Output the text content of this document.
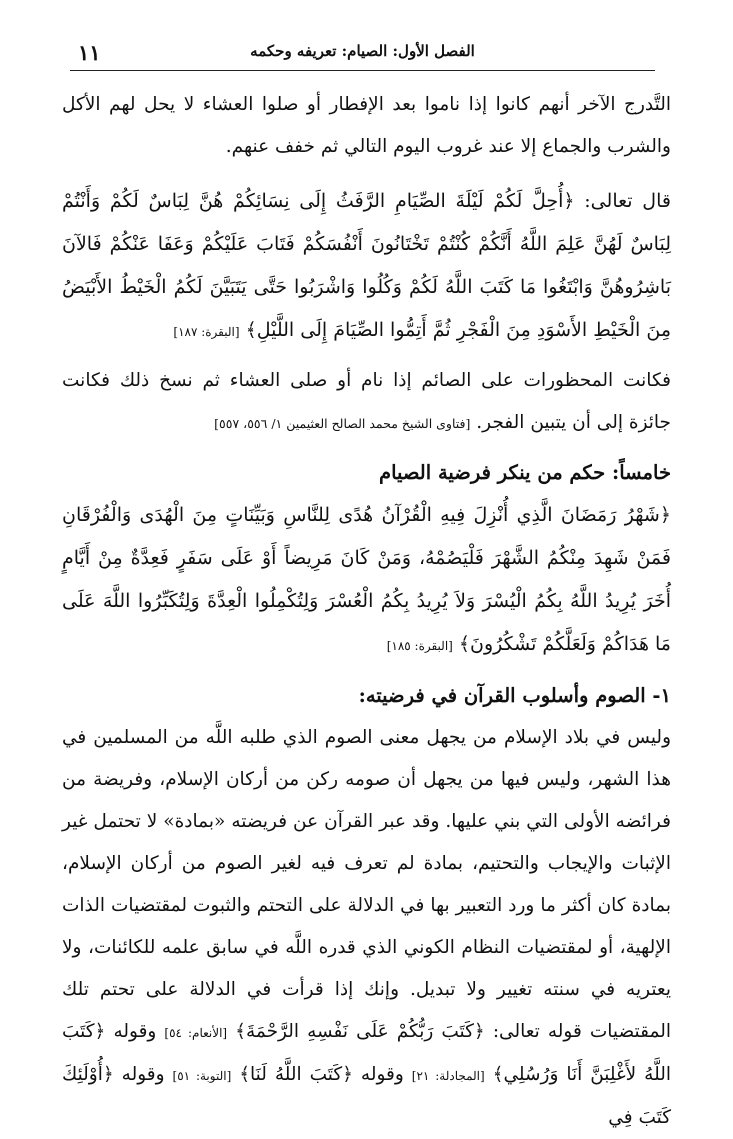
١١	الفصل الأول: الصيام: تعريفه وحكمه

التَّدرج الآخر أنهم كانوا إذا ناموا بعد الإفطار أو صلوا العشاء لا يحل لهم الأكل والشرب والجماع إلا عند غروب اليوم التالي ثم خفف عنهم.

قال تعالى: ﴿أُحِلَّ لَكُمْ لَيْلَةَ الصِّيَامِ الرَّفَثُ إِلَى نِسَائِكُمْ هُنَّ لِبَاسٌ لَكُمْ وَأَنْتُمْ لِبَاسٌ لَهُنَّ عَلِمَ اللَّهُ أَنَّكُمْ كُنْتُمْ تَخْتَانُونَ أَنْفُسَكُمْ فَتَابَ عَلَيْكُمْ وَعَفَا عَنْكُمْ فَالآنَ بَاشِرُوهُنَّ وَابْتَغُوا مَا كَتَبَ اللَّهُ لَكُمْ وَكُلُوا وَاشْرَبُوا حَتَّى يَتَبَيَّنَ لَكُمُ الْخَيْطُ الأَبْيَضُ مِنَ الْخَيْطِ الأَسْوَدِ مِنَ الْفَجْرِ ثُمَّ أَتِمُّوا الصِّيَامَ إِلَى اللَّيْلِ﴾ [البقرة: ١٨٧]

فكانت المحظورات على الصائم إذا نام أو صلى العشاء ثم نسخ ذلك فكانت جائزة إلى أن يتبين الفجر. [فتاوى الشيخ محمد الصالح العثيمين ١/ ٥٥٦، ٥٥٧]

خامساً: حكم من ينكر فرضية الصيام

﴿شَهْرُ رَمَضَانَ الَّذِي أُنْزِلَ فِيهِ الْقُرْآنُ هُدًى لِلنَّاسِ وَبَيِّنَاتٍ مِنَ الْهُدَى وَالْفُرْقَانِ فَمَنْ شَهِدَ مِنْكُمُ الشَّهْرَ فَلْيَصُمْهُ، وَمَنْ كَانَ مَرِيضاً أَوْ عَلَى سَفَرٍ فَعِدَّةٌ مِنْ أَيَّامٍ أُخَرَ يُرِيدُ اللَّهُ بِكُمُ الْيُسْرَ وَلاَ يُرِيدُ بِكُمُ الْعُسْرَ وَلِتُكْمِلُوا الْعِدَّةَ وَلِتُكَبِّرُوا اللَّهَ عَلَى مَا هَدَاكُمْ وَلَعَلَّكُمْ تَشْكُرُونَ﴾ [البقرة: ١٨٥]

١- الصوم وأسلوب القرآن في فرضيته:

وليس في بلاد الإسلام من يجهل معنى الصوم الذي طلبه اللَّه من المسلمين في هذا الشهر، وليس فيها من يجهل أن صومه ركن من أركان الإسلام، وفريضة من فرائضه الأولى التي بني عليها. وقد عبر القرآن عن فريضته «بمادة» لا تحتمل غير الإثبات والإيجاب والتحتيم، بمادة لم تعرف فيه لغير الصوم من أركان الإسلام، بمادة كان أكثر ما ورد التعبير بها في الدلالة على التحتم والثبوت لمقتضيات الذات الإلهية، أو لمقتضيات النظام الكوني الذي قدره اللَّه في سابق علمه للكائنات، ولا يعتريه في سنته تغيير ولا تبديل. وإنك إذا قرأت في الدلالة على تحتم تلك المقتضيات قوله تعالى: ﴿كَتَبَ رَبُّكُمْ عَلَى نَفْسِهِ الرَّحْمَةَ﴾ [الأنعام: ٥٤] وقوله ﴿كَتَبَ اللَّهُ لأَغْلِبَنَّ أَنَا وَرُسُلِي﴾ [المجادلة: ٢١] وقوله ﴿كَتَبَ اللَّهُ لَنَا﴾ [التوبة: ٥١] وقوله ﴿أُوْلَئِكَ كَتَبَ فِي
